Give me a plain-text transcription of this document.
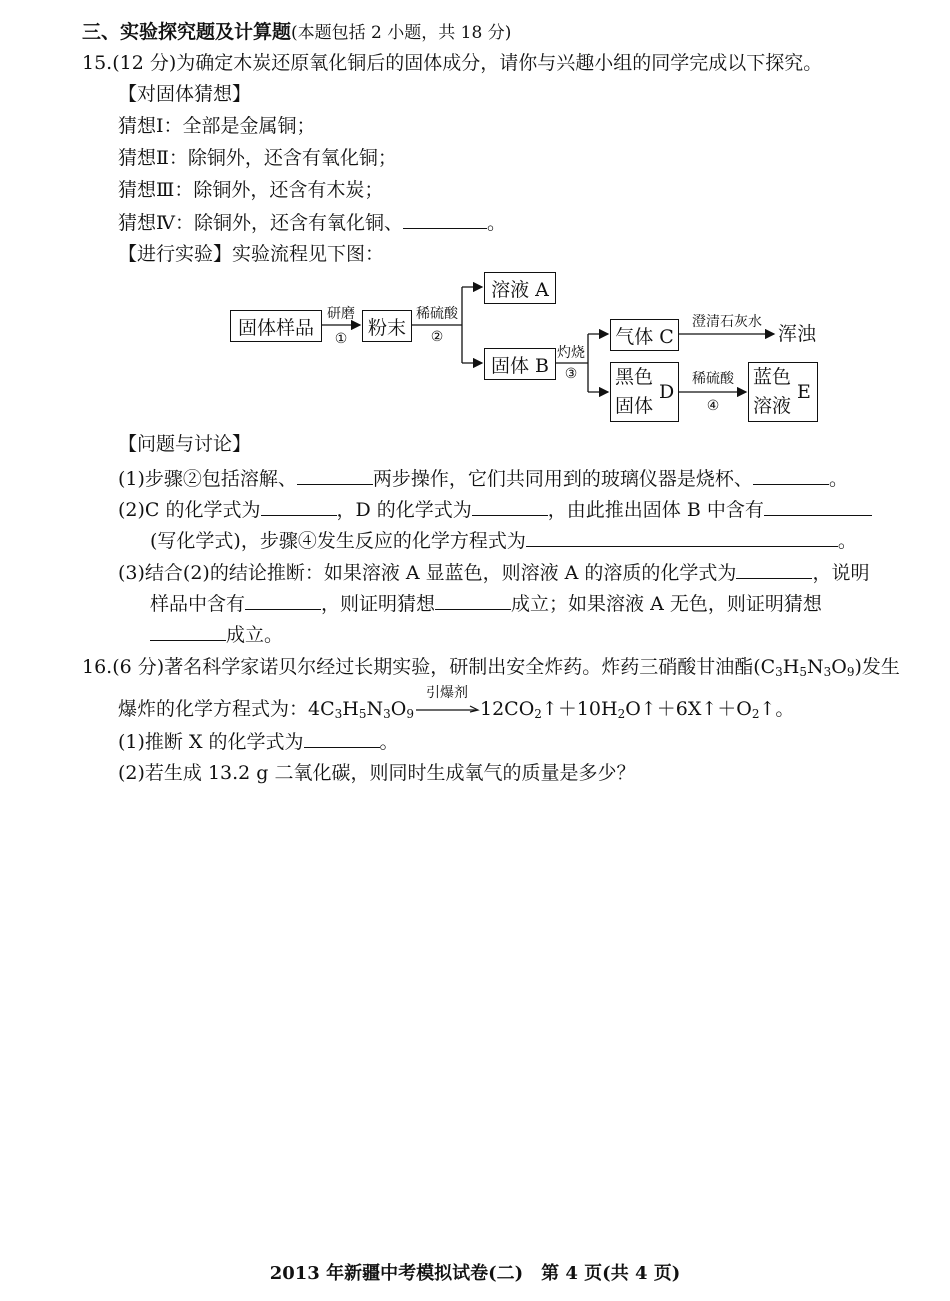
三、实验探究题及计算题(本题包括 2 小题，共 18 分)
15.(12 分)为确定木炭还原氧化铜后的固体成分，请你与兴趣小组的同学完成以下探究。
【对固体猜想】
猜想Ⅰ：全部是金属铜；
猜想Ⅱ：除铜外，还含有氧化铜；
猜想Ⅲ：除铜外，还含有木炭；
猜想Ⅳ：除铜外，还含有氧化铜、	。
【进行实验】实验流程见下图：
固体样品
研磨
①
粉末
稀硫酸
②
溶液 A
固体 B
灼烧
③
气体 C
澄清石灰水
浑浊
黑色
固体
D
稀硫酸
④
蓝色
溶液
E
【问题与讨论】
(1)步骤②包括溶解、	两步操作，它们共同用到的玻璃仪器是烧杯、	。
(2)C 的化学式为	，D 的化学式为	，由此推出固体 B 中含有
(写化学式)，步骤④发生反应的化学方程式为	。
(3)结合(2)的结论推断：如果溶液 A 显蓝色，则溶液 A 的溶质的化学式为	，说明
样品中含有	，则证明猜想	成立；如果溶液 A 无色，则证明猜想
成立。
16.(6 分)著名科学家诺贝尔经过长期实验，研制出安全炸药。炸药三硝酸甘油酯$(C_3H_5N_3O_9)$发生
爆炸的化学方程式为：$4C_3H_5N_3O_9$
引爆剂
$12CO_2↑+10H_2O↑+6X↑+O_2↑$。
(1)推断 X 的化学式为	。
(2)若生成 13.2 g 二氧化碳，则同时生成氧气的质量是多少？
2013 年新疆中考模拟试卷(二)　第 4 页(共 4 页)
